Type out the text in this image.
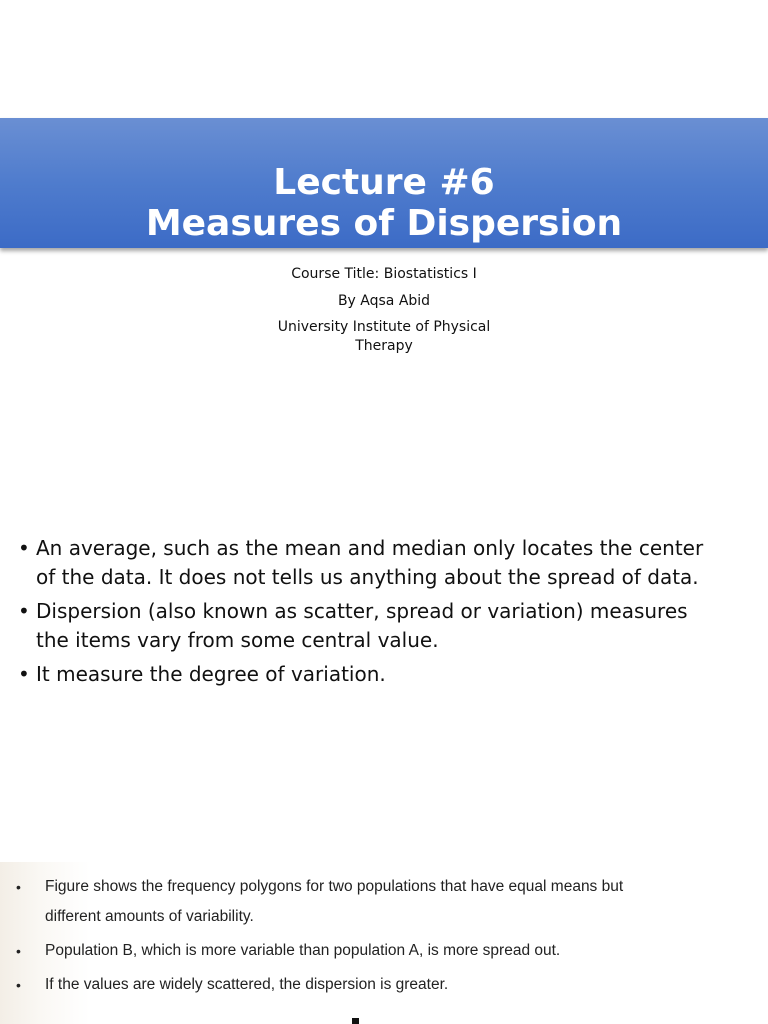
Lecture #6
Measures of Dispersion
Course Title: Biostatistics I
By Aqsa Abid
University Institute of Physical
Therapy
• An average, such as the mean and median only locates the center
of the data. It does not tells us anything about the spread of data.
• Dispersion (also known as scatter, spread or variation) measures
the items vary from some central value.
• It measure the degree of variation.
• Figure shows the frequency polygons for two populations that have equal means but
different amounts of variability.
• Population B, which is more variable than population A, is more spread out.
• If the values are widely scattered, the dispersion is greater.
